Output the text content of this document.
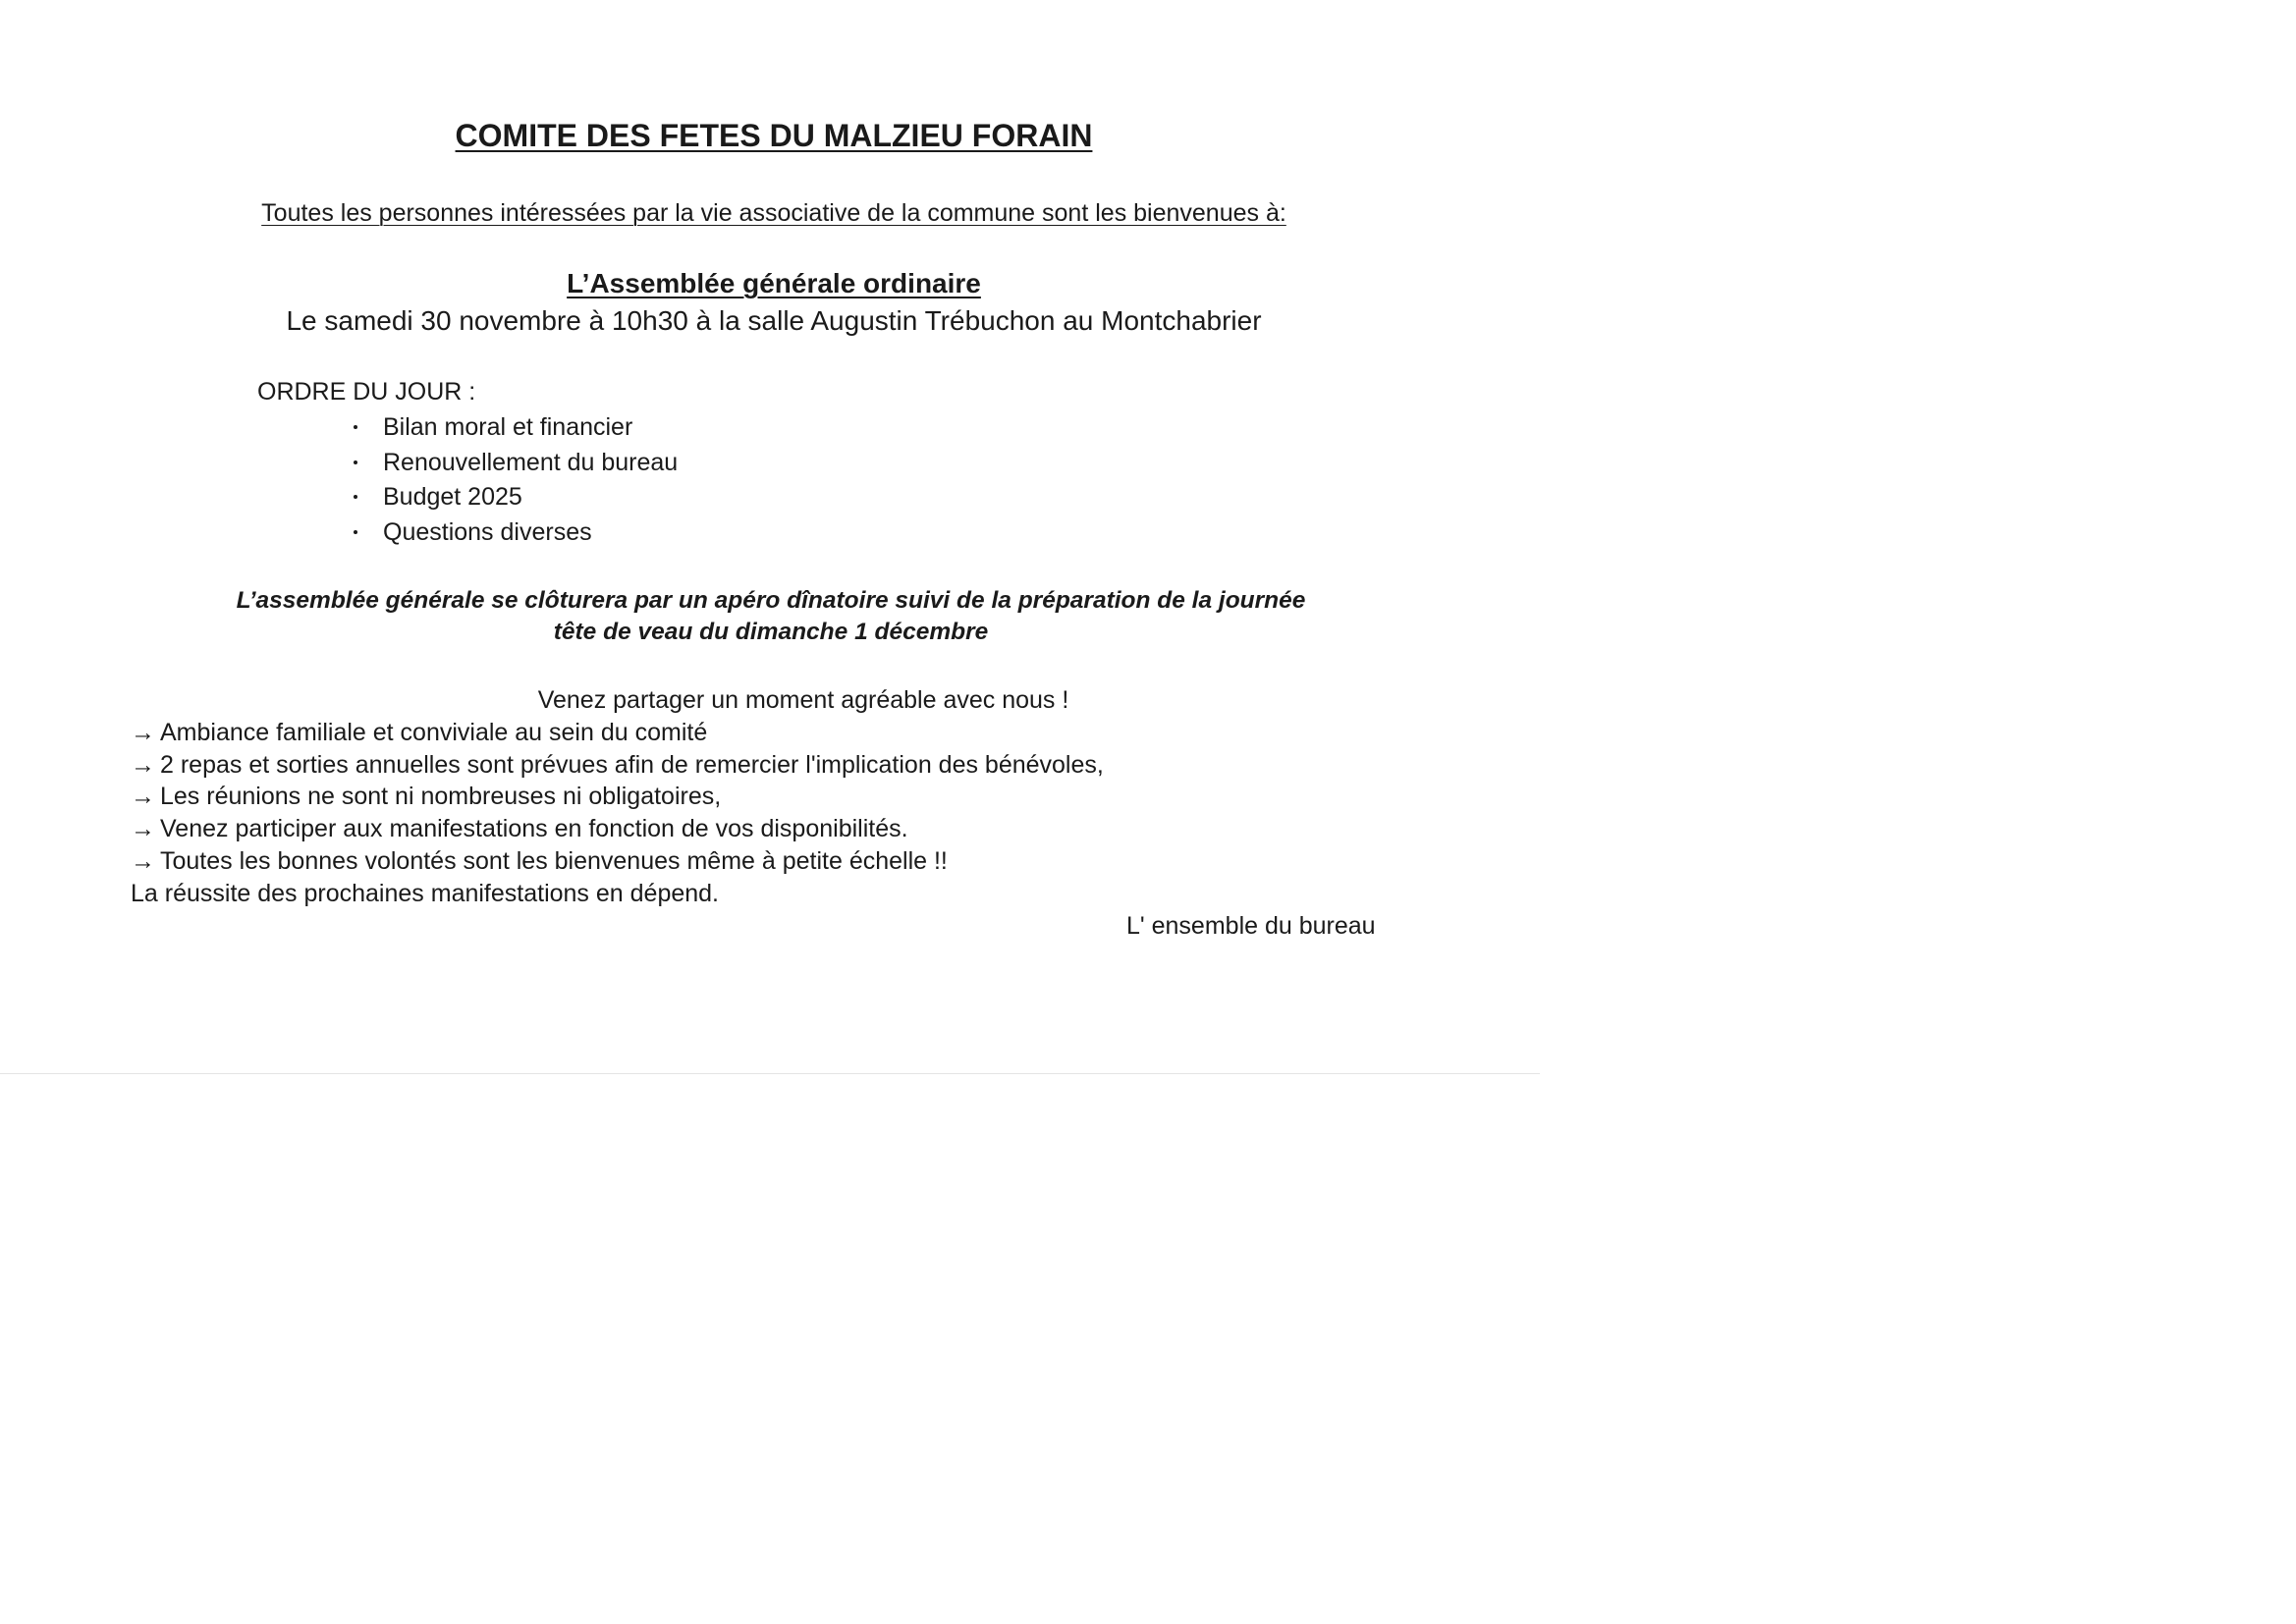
COMITE DES FETES DU MALZIEU FORAIN

Toutes les personnes intéressées par la vie associative de la commune sont les bienvenues à:

L’Assemblée générale ordinaire

Le samedi 30 novembre à 10h30 à la salle Augustin Trébuchon au Montchabrier

ORDRE DU JOUR :

Bilan moral et financier
Renouvellement du bureau
Budget 2025
Questions diverses

L’assemblée générale se clôturera par un apéro dînatoire suivi de la préparation de la journée

tête de veau du dimanche 1 décembre

Venez partager un moment agréable avec nous !

→ Ambiance familiale et conviviale au sein du comité

→ 2 repas et sorties annuelles sont prévues afin de remercier l'implication des bénévoles,

→ Les réunions ne sont ni nombreuses ni obligatoires,

→ Venez participer aux manifestations en fonction de vos disponibilités.

→ Toutes les bonnes volontés sont les bienvenues même à petite échelle !!

La réussite des prochaines manifestations en dépend.

L' ensemble du bureau
